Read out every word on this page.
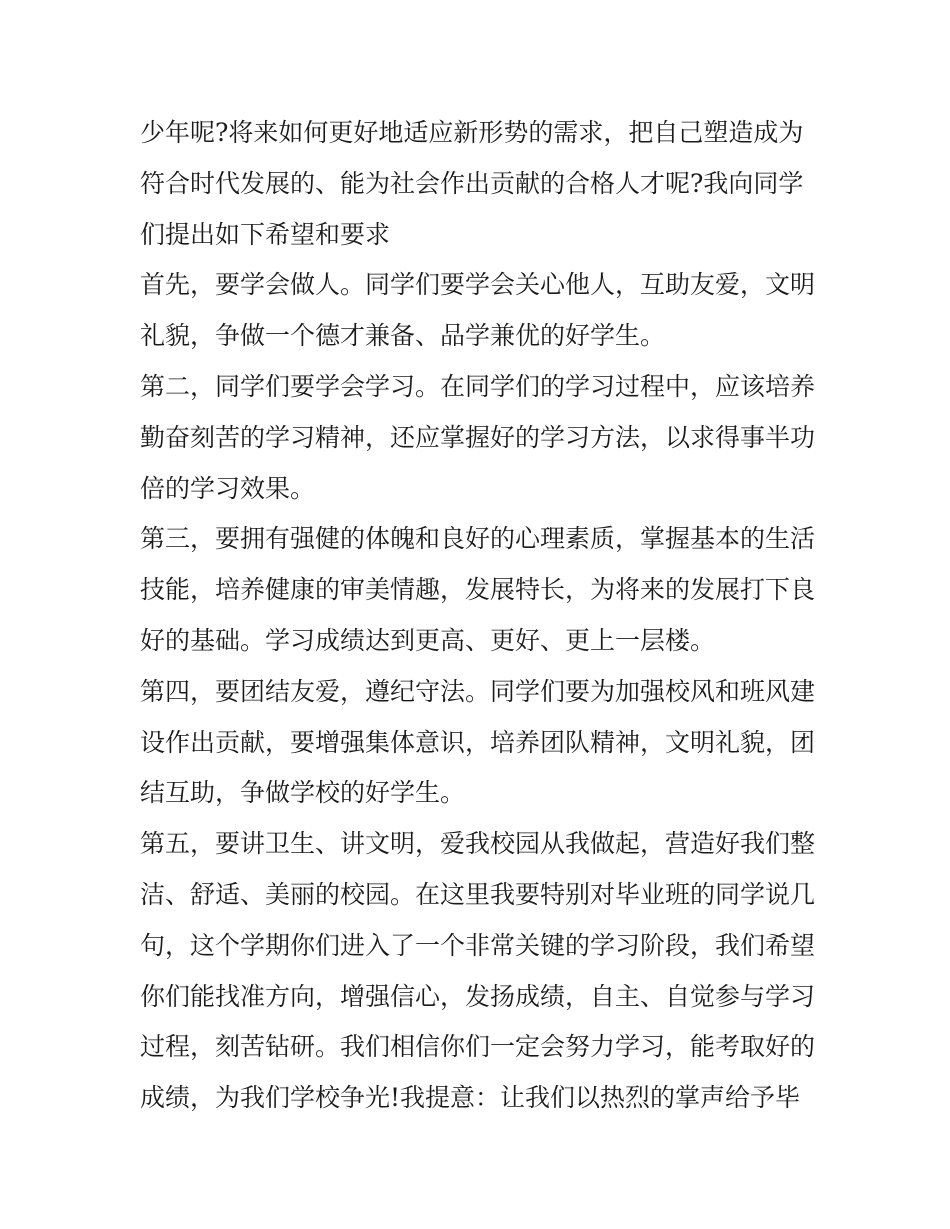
少年呢?将来如何更好地适应新形势的需求，把自己塑造成为
符合时代发展的、能为社会作出贡献的合格人才呢?我向同学
们提出如下希望和要求
首先，要学会做人。同学们要学会关心他人，互助友爱，文明
礼貌，争做一个德才兼备、品学兼优的好学生。
第二，同学们要学会学习。在同学们的学习过程中，应该培养
勤奋刻苦的学习精神，还应掌握好的学习方法，以求得事半功
倍的学习效果。
第三，要拥有强健的体魄和良好的心理素质，掌握基本的生活
技能，培养健康的审美情趣，发展特长，为将来的发展打下良
好的基础。学习成绩达到更高、更好、更上一层楼。
第四，要团结友爱，遵纪守法。同学们要为加强校风和班风建
设作出贡献，要增强集体意识，培养团队精神，文明礼貌，团
结互助，争做学校的好学生。
第五，要讲卫生、讲文明，爱我校园从我做起，营造好我们整
洁、舒适、美丽的校园。在这里我要特别对毕业班的同学说几
句，这个学期你们进入了一个非常关键的学习阶段，我们希望
你们能找准方向，增强信心，发扬成绩，自主、自觉参与学习
过程，刻苦钻研。我们相信你们一定会努力学习，能考取好的
成绩，为我们学校争光!我提意：让我们以热烈的掌声给予毕
